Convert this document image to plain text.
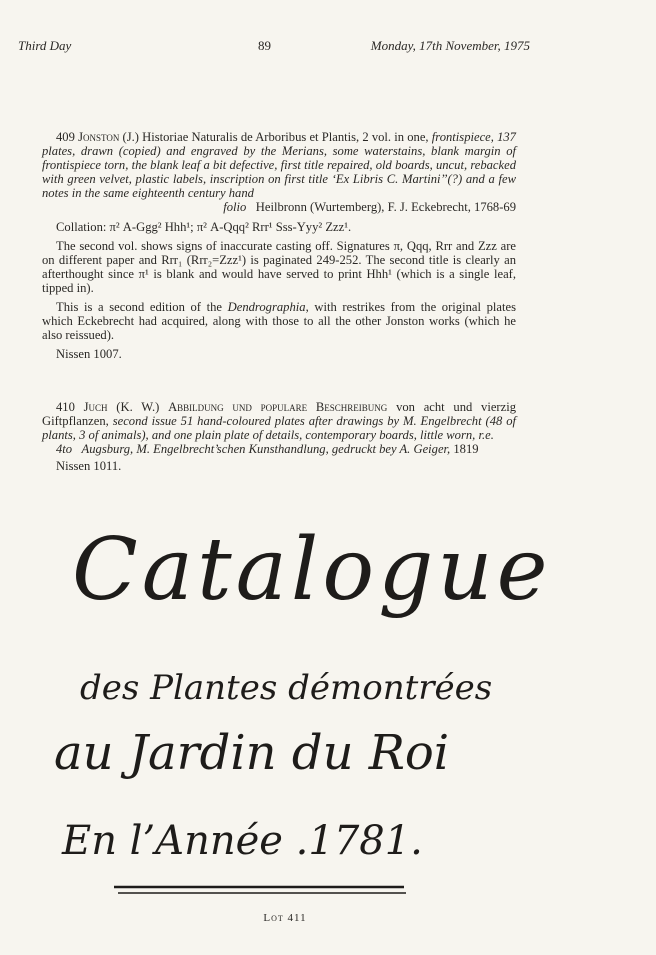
Third Day	89	Monday, 17th November, 1975

409 Jonston (J.) Historiae Naturalis de Arboribus et Plantis, 2 vol. in one, frontispiece, 137 plates, drawn (copied) and engraved by the Merians, some waterstains, blank margin of frontispiece torn, the blank leaf a bit defective, first title repaired, old boards, uncut, rebacked with green velvet, plastic labels, inscription on first title ‘Ex Libris C. Martini’’(?) and a few notes in the same eighteenth century hand

folio Heilbronn (Wurtemberg), F. J. Eckebrecht, 1768-69

Collation: π² A-Ggg² Hhh¹; π² A-Qqq² Rrr¹ Sss-Yyy² Zzz¹.

The second vol. shows signs of inaccurate casting off. Signatures π, Qqq, Rrr and Zzz are on different paper and Rrr₁ (Rrr₂=Zzz¹) is paginated 249-252. The second title is clearly an afterthought since π¹ is blank and would have served to print Hhh¹ (which is a single leaf, tipped in).

This is a second edition of the Dendrographia, with restrikes from the original plates which Eckebrecht had acquired, along with those to all the other Jonston works (which he also reissued).

Nissen 1007.

410 Juch (K. W.) Abbildung und populare Beschreibung von acht und vierzig Giftpflanzen, second issue 51 hand-coloured plates after drawings by M. Engelbrecht (48 of plants, 3 of animals), and one plain plate of details, contemporary boards, little worn, r.e.

4to Augsburg, M. Engelbrecht’schen Kunsthandlung, gedruckt bey A. Geiger, 1819

Nissen 1011.

Catalogue
des Plantes démontrées
au Jardin du Roi
En l’Année .1781.
Lot 411
